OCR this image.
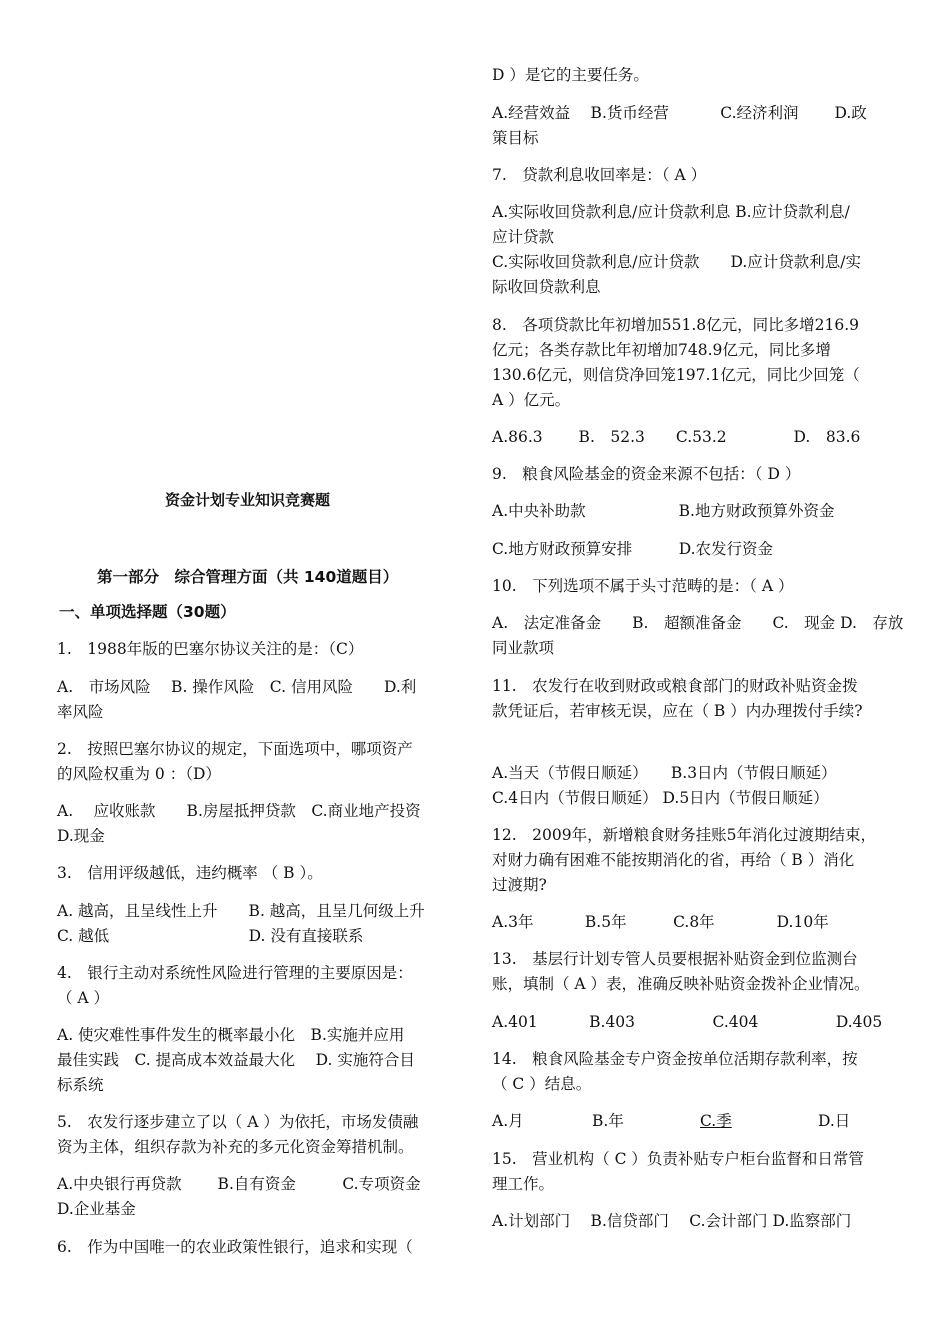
资金计划专业知识竞赛题
第一部分　综合管理方面（共 140道题目）
一、单项选择题（30题）
1.　1988年版的巴塞尔协议关注的是：（C）
A.　市场风险　 B. 操作风险　C. 信用风险　　D.利
率风险
2.　按照巴塞尔协议的规定，下面选项中，哪项资产
的风险权重为 0 ：（D）
A.　 应收账款　　B.房屋抵押贷款　C.商业地产投资
D.现金
3.　信用评级越低，违约概率 （ B ）。
A. 越高，且呈线性上升　　B. 越高，且呈几何级上升
C. 越低　　　　　　　　　D. 没有直接联系
4.　银行主动对系统性风险进行管理的主要原因是：
（ A ）
A. 使灾难性事件发生的概率最小化　B.实施并应用
最佳实践　C. 提高成本效益最大化　 D. 实施符合目
标系统
5.　农发行逐步建立了以（ A ）为依托，市场发债融
资为主体，组织存款为补充的多元化资金筹措机制。
A.中央银行再贷款　　 B.自有资金　　　C.专项资金
D.企业基金
6.　作为中国唯一的农业政策性银行，追求和实现（
D ）是它的主要任务。
A.经营效益　 B.货币经营　　　 C.经济利润　　 D.政
策目标
7.　贷款利息收回率是：（ A ）
A.实际收回贷款利息/应计贷款利息 B.应计贷款利息/
应计贷款
C.实际收回贷款利息/应计贷款　　D.应计贷款利息/实
际收回贷款利息
8.　各项贷款比年初增加551.8亿元，同比多增216.9
亿元；各类存款比年初增加748.9亿元，同比多增
130.6亿元，则信贷净回笼197.1亿元，同比少回笼（
A ）亿元。
A.86.3　　 B.　52.3　　C.53.2　　　　 D.　83.6
9.　粮食风险基金的资金来源不包括：（ D ）
A.中央补助款　　　　　　B.地方财政预算外资金
C.地方财政预算安排　　　D.农发行资金
10.　下列选项不属于头寸范畴的是：（ A ）
A.　法定准备金　　B.　超额准备金　　C.　现金 D.　存放
同业款项
11.　农发行在收到财政或粮食部门的财政补贴资金拨
款凭证后，若审核无误，应在（ B ）内办理拨付手续?
A.当天（节假日顺延）　　B.3日内（节假日顺延）
C.4日内（节假日顺延） D.5日内（节假日顺延）
12.　2009年，新增粮食财务挂账5年消化过渡期结束，
对财力确有困难不能按期消化的省，再给（ B ）消化
过渡期?
A.3年　　　 B.5年　　　C.8年　　　　D.10年
13.　基层行计划专管人员要根据补贴资金到位监测台
账，填制（ A ）表，准确反映补贴资金拨补企业情况。
A.401　　　 B.403　　　　　C.404　　　　　D.405
14.　粮食风险基金专户资金按单位活期存款利率，按
（ C ）结息。
A.月	B.年	C.季	D.日
15.　营业机构（ C ）负责补贴专户柜台监督和日常管
理工作。
A.计划部门　 B.信贷部门　 C.会计部门 D.监察部门
